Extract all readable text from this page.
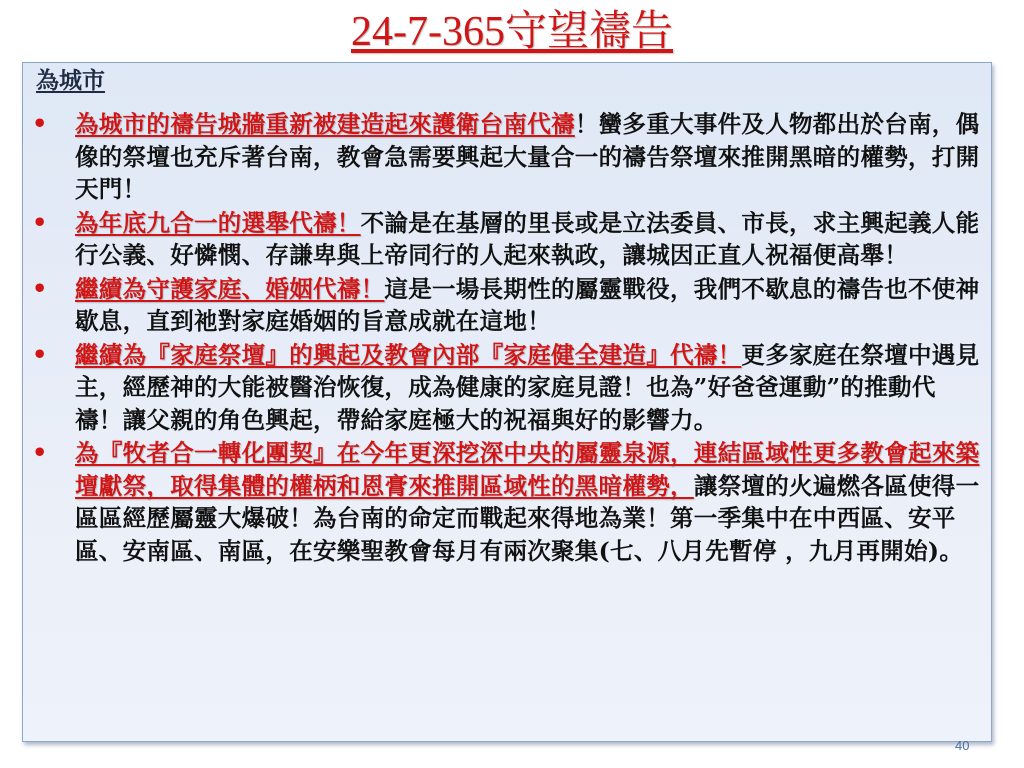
24-7-365守望禱告
為城市
• 為城市的禱告城牆重新被建造起來護衛台南代禱！蠻多重大事件及人物都出於台南，偶像的祭壇也充斥著台南，教會急需要興起大量合一的禱告祭壇來推開黑暗的權勢，打開天門！
• 為年底九合一的選舉代禱！不論是在基層的里長或是立法委員、市長，求主興起義人能行公義、好憐憫、存謙卑與上帝同行的人起來執政，讓城因正直人祝福便高舉！
• 繼續為守護家庭、婚姻代禱！這是一場長期性的屬靈戰役，我們不歇息的禱告也不使神歇息，直到祂對家庭婚姻的旨意成就在這地！
• 繼續為『家庭祭壇』的興起及教會內部『家庭健全建造』代禱！更多家庭在祭壇中遇見主，經歷神的大能被醫治恢復，成為健康的家庭見證！也為”好爸爸運動”的推動代禱！讓父親的角色興起，帶給家庭極大的祝福與好的影響力。
• 為『牧者合一轉化團契』在今年更深挖深中央的屬靈泉源，連結區域性更多教會起來築壇獻祭，取得集體的權柄和恩膏來推開區域性的黑暗權勢，讓祭壇的火遍燃各區使得一區區經歷屬靈大爆破！為台南的命定而戰起來得地為業！第一季集中在中西區、安平區、安南區、南區，在安樂聖教會每月有兩次聚集(七、八月先暫停 ，九月再開始)。
40
